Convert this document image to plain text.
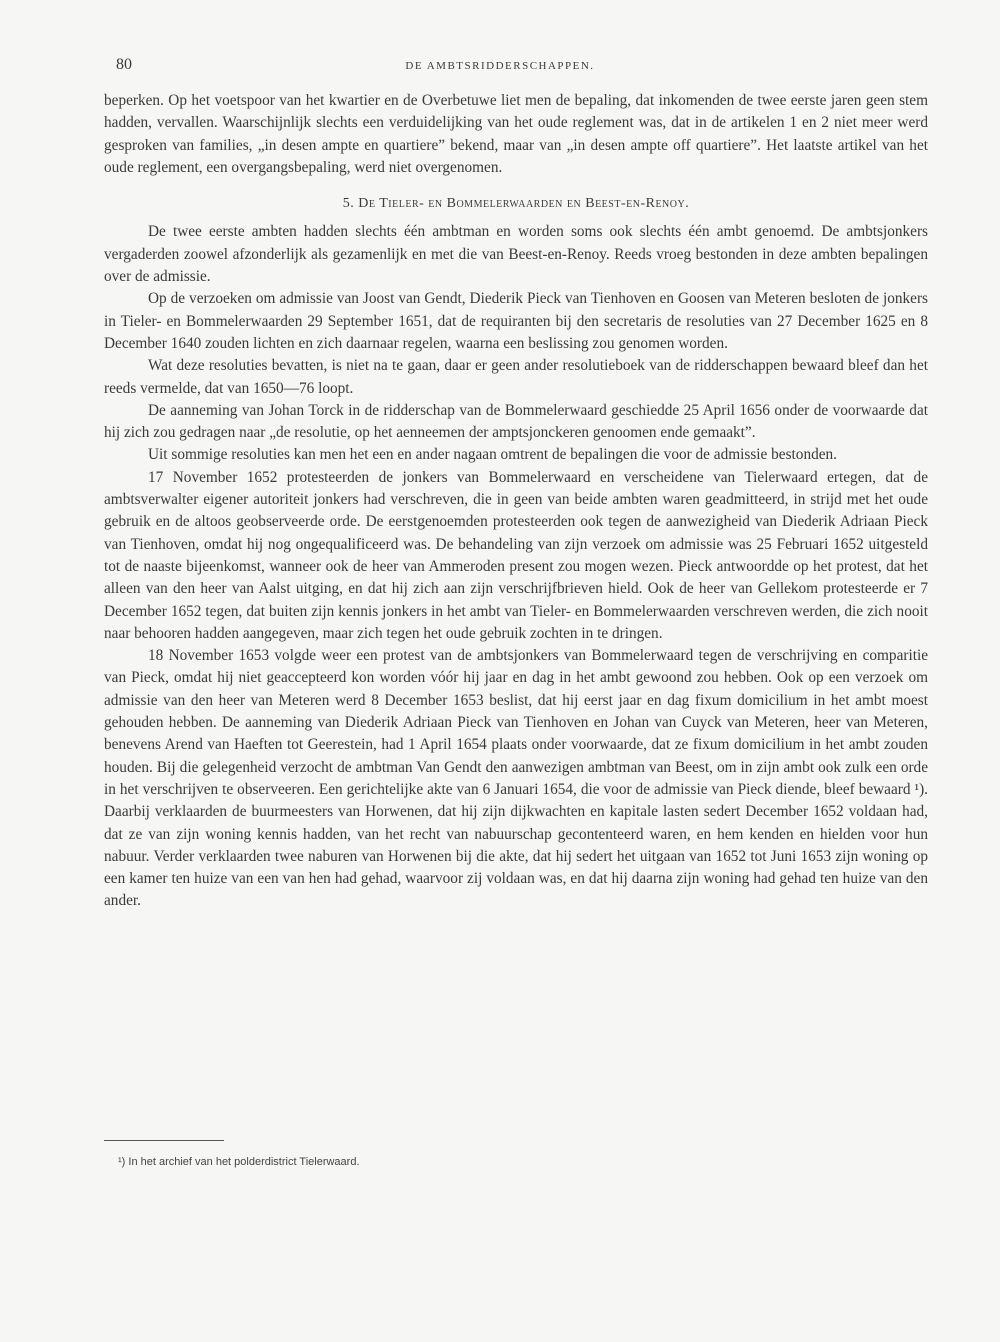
80	DE AMBTSRIDDERSCHAPPEN.

beperken. Op het voetspoor van het kwartier en de Overbetuwe liet men de bepaling, dat inkomenden de twee eerste jaren geen stem hadden, vervallen. Waarschijnlijk slechts een verduidelijking van het oude reglement was, dat in de artikelen 1 en 2 niet meer werd gesproken van families, „in desen ampte en quartiere” bekend, maar van „in desen ampte off quartiere”. Het laatste artikel van het oude reglement, een overgangsbepaling, werd niet overgenomen.

5. De Tieler- en Bommelerwaarden en Beest-en-Renoy.

De twee eerste ambten hadden slechts één ambtman en worden soms ook slechts één ambt genoemd. De ambtsjonkers vergaderden zoowel afzonderlijk als gezamenlijk en met die van Beest-en-Renoy. Reeds vroeg bestonden in deze ambten bepalingen over de admissie.

Op de verzoeken om admissie van Joost van Gendt, Diederik Pieck van Tienhoven en Goosen van Meteren besloten de jonkers in Tieler- en Bommelerwaarden 29 September 1651, dat de requiranten bij den secretaris de resoluties van 27 December 1625 en 8 December 1640 zouden lichten en zich daarnaar regelen, waarna een beslissing zou genomen worden.

Wat deze resoluties bevatten, is niet na te gaan, daar er geen ander resolutieboek van de ridderschappen bewaard bleef dan het reeds vermelde, dat van 1650—76 loopt.

De aanneming van Johan Torck in de ridderschap van de Bommelerwaard geschiedde 25 April 1656 onder de voorwaarde dat hij zich zou gedragen naar „de resolutie, op het aenneemen der amptsjonckeren genoomen ende gemaakt”.

Uit sommige resoluties kan men het een en ander nagaan omtrent de bepalingen die voor de admissie bestonden.

17 November 1652 protesteerden de jonkers van Bommelerwaard en verscheidene van Tielerwaard ertegen, dat de ambtsverwalter eigener autoriteit jonkers had verschreven, die in geen van beide ambten waren geadmitteerd, in strijd met het oude gebruik en de altoos geobserveerde orde. De eerstgenoemden protesteerden ook tegen de aanwezigheid van Diederik Adriaan Pieck van Tienhoven, omdat hij nog ongequalificeerd was. De behandeling van zijn verzoek om admissie was 25 Februari 1652 uitgesteld tot de naaste bijeenkomst, wanneer ook de heer van Ammeroden present zou mogen wezen. Pieck antwoordde op het protest, dat het alleen van den heer van Aalst uitging, en dat hij zich aan zijn verschrijfbrieven hield. Ook de heer van Gellekom protesteerde er 7 December 1652 tegen, dat buiten zijn kennis jonkers in het ambt van Tieler- en Bommelerwaarden verschreven werden, die zich nooit naar behooren hadden aangegeven, maar zich tegen het oude gebruik zochten in te dringen.

18 November 1653 volgde weer een protest van de ambtsjonkers van Bommelerwaard tegen de verschrijving en comparitie van Pieck, omdat hij niet geaccepteerd kon worden vóór hij jaar en dag in het ambt gewoond zou hebben. Ook op een verzoek om admissie van den heer van Meteren werd 8 December 1653 beslist, dat hij eerst jaar en dag fixum domicilium in het ambt moest gehouden hebben. De aanneming van Diederik Adriaan Pieck van Tienhoven en Johan van Cuyck van Meteren, heer van Meteren, benevens Arend van Haeften tot Geerestein, had 1 April 1654 plaats onder voorwaarde, dat ze fixum domicilium in het ambt zouden houden. Bij die gelegenheid verzocht de ambtman Van Gendt den aanwezigen ambtman van Beest, om in zijn ambt ook zulk een orde in het verschrijven te observeeren. Een gerichtelijke akte van 6 Januari 1654, die voor de admissie van Pieck diende, bleef bewaard ¹). Daarbij verklaarden de buurmeesters van Horwenen, dat hij zijn dijkwachten en kapitale lasten sedert December 1652 voldaan had, dat ze van zijn woning kennis hadden, van het recht van nabuurschap gecontenteerd waren, en hem kenden en hielden voor hun nabuur. Verder verklaarden twee naburen van Horwenen bij die akte, dat hij sedert het uitgaan van 1652 tot Juni 1653 zijn woning op een kamer ten huize van een van hen had gehad, waarvoor zij voldaan was, en dat hij daarna zijn woning had gehad ten huize van den ander.

¹) In het archief van het polderdistrict Tielerwaard.
